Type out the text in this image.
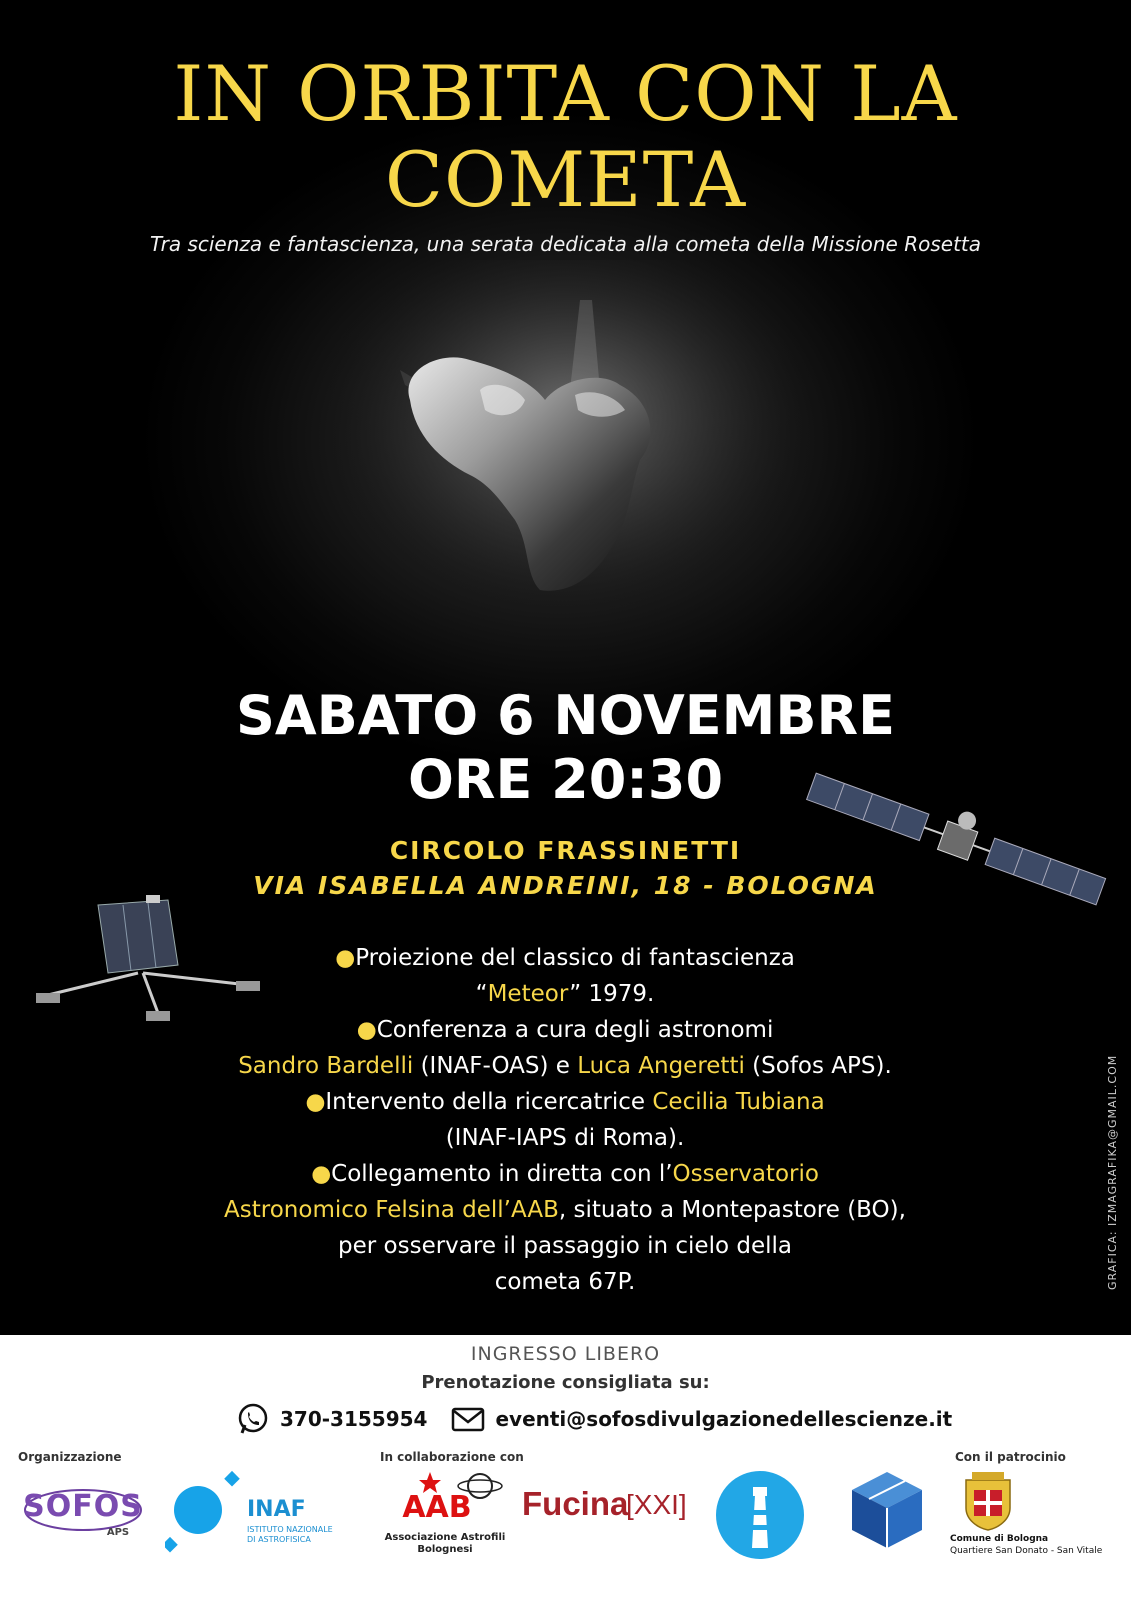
IN ORBITA CON LA
COMETA
Tra scienza e fantascienza, una serata dedicata alla cometa della Missione Rosetta
SABATO 6 NOVEMBRE
ORE 20:30
CIRCOLO FRASSINETTI
VIA ISABELLA ANDREINI, 18 - BOLOGNA
●Proiezione del classico di fantascienza
“Meteor” 1979.
●Conferenza a cura degli astronomi
Sandro Bardelli (INAF-OAS) e Luca Angeretti (Sofos APS).
●Intervento della ricercatrice Cecilia Tubiana
(INAF-IAPS di Roma).
●Collegamento in diretta con l’Osservatorio
Astronomico Felsina dell’AAB, situato a Montepastore (BO),
per osservare il passaggio in cielo della
cometa 67P.	GRAFICA: IZMAGRAFIKA@GMAIL.COM
INGRESSO LIBERO
Prenotazione consigliata su:
370-3155954	eventi@sofosdivulgazionedellescienze.it
Organizzazione	In collaborazione con	Con il patrocinio
SOFOS
APS
INAF
ISTITUTO NAZIONALE
DI ASTROFISICA
AAB
Associazione Astrofili
Bolognesi
Fucina
[XXI]
Comune di Bologna
Quartiere San Donato - San Vitale
